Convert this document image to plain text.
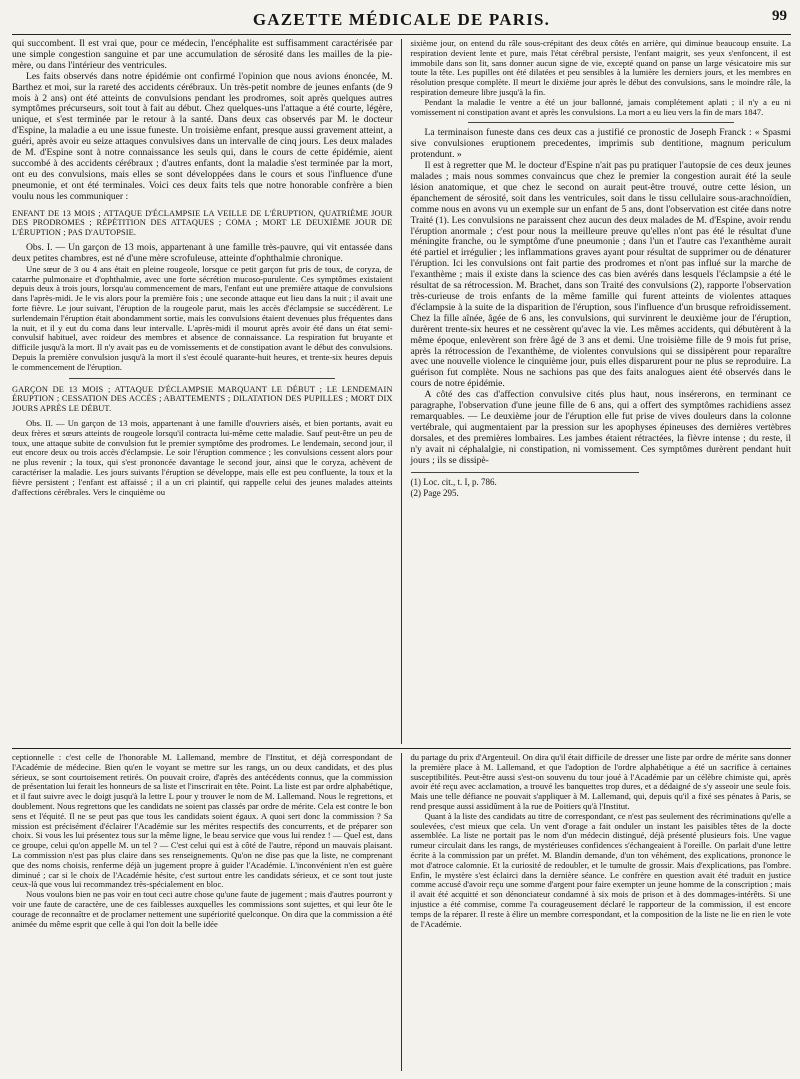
GAZETTE MÉDICALE DE PARIS.	99

qui succombent. Il est vrai que, pour ce médecin, l'encéphalite est suffisamment caractérisée par une simple congestion sanguine et par une accumulation de sérosité dans les mailles de la pie-mère, ou dans l'intérieur des ventricules.

Les faits observés dans notre épidémie ont confirmé l'opinion que nous avions énoncée, M. Barthez et moi, sur la rareté des accidents cérébraux. Un très-petit nombre de jeunes enfants (de 9 mois à 2 ans) ont été atteints de convulsions pendant les prodromes, soit après quelques autres symptômes précurseurs, soit tout à fait au début. Chez quelques-uns l'attaque a été courte, légère, unique, et s'est terminée par le retour à la santé. Dans deux cas observés par M. le docteur d'Espine, la maladie a eu une issue funeste. Un troisième enfant, presque aussi gravement atteint, a guéri, après avoir eu seize attaques convulsives dans un intervalle de cinq jours. Les deux malades de M. d'Espine sont à notre connaissance les seuls qui, dans le cours de cette épidémie, aient succombé à des accidents cérébraux ; d'autres enfants, dont la maladie s'est terminée par la mort, ont eu des convulsions, mais elles se sont développées dans le cours et sous l'influence d'une pneumonie, et ont été terminales. Voici ces deux faits tels que notre honorable confrère a bien voulu nous les communiquer :

ENFANT DE 13 MOIS ; ATTAQUE D'ÉCLAMPSIE LA VEILLE DE L'ÉRUPTION, QUATRIÈME JOUR DES PRODROMES ; RÉPÉTITION DES ATTAQUES ; COMA ; MORT LE DEUXIÈME JOUR DE L'ÉRUPTION ; PAS D'AUTOPSIE.

Obs. I. — Un garçon de 13 mois, appartenant à une famille très-pauvre, qui vit entassée dans deux petites chambres, est né d'une mère scrofuleuse, atteinte d'ophthalmie chronique.

Une sœur de 3 ou 4 ans était en pleine rougeole, lorsque ce petit garçon fut pris de toux, de coryza, de catarrhe pulmonaire et d'ophthalmie, avec une forte sécrétion mucoso-purulente. Ces symptômes existaient depuis deux à trois jours, lorsqu'au commencement de mars, l'enfant eut une première attaque de convulsions dans l'après-midi. Je le vis alors pour la première fois ; une seconde attaque eut lieu dans la nuit ; il avait une forte fièvre. Le jour suivant, l'éruption de la rougeole parut, mais les accès d'éclampsie se succédèrent. Le surlendemain l'éruption était abondamment sortie, mais les convulsions étaient devenues plus fréquentes dans la nuit, et il y eut du coma dans leur intervalle. L'après-midi il mourut après avoir été dans un état semi-convulsif habituel, avec roideur des membres et absence de connaissance. La respiration fut bruyante et difficile jusqu'à la mort. Il n'y avait pas eu de vomissements et de constipation avant le début des convulsions. Depuis la première convulsion jusqu'à la mort il s'est écoulé quarante-huit heures, et trente-six heures depuis le commencement de l'éruption.

GARÇON DE 13 MOIS ; ATTAQUE D'ÉCLAMPSIE MARQUANT LE DÉBUT ; LE LENDEMAIN ÉRUPTION ; CESSATION DES ACCÈS ; ABATTEMENTS ; DILATATION DES PUPILLES ; MORT DIX JOURS APRÈS LE DÉBUT.

Obs. II. — Un garçon de 13 mois, appartenant à une famille d'ouvriers aisés, et bien portants, avait eu deux frères et sœurs atteints de rougeole lorsqu'il contracta lui-même cette maladie. Sauf peut-être un peu de toux, une attaque subite de convulsion fut le premier symptôme des prodromes. Le lendemain, second jour, il eut encore deux ou trois accès d'éclampsie. Le soir l'éruption commence ; les convulsions cessent alors pour ne plus revenir ; la toux, qui s'est prononcée davantage le second jour, ainsi que le coryza, achèvent de caractériser la maladie. Les jours suivants l'éruption se développe, mais elle est peu confluente, la toux et la fièvre persistent ; l'enfant est affaissé ; il a un cri plaintif, qui rappelle celui des jeunes malades atteints d'affections cérébrales. Vers le cinquième ou

sixième jour, on entend du râle sous-crépitant des deux côtés en arrière, qui diminue beaucoup ensuite. La respiration devient lente et pure, mais l'état cérébral persiste, l'enfant maigrit, ses yeux s'enfoncent, il est immobile dans son lit, sans donner aucun signe de vie, excepté quand on panse un large vésicatoire mis sur toute la tête. Les pupilles ont été dilatées et peu sensibles à la lumière les derniers jours, et les membres en résolution presque complète. Il meurt le dixième jour après le début des convulsions, sans le moindre râle, la respiration demeure libre jusqu'à la fin.

Pendant la maladie le ventre a été un jour ballonné, jamais complétement aplati ; il n'y a eu ni vomissement ni constipation avant et après les convulsions. La mort a eu lieu vers la fin de mars 1847.

La terminaison funeste dans ces deux cas a justifié ce pronostic de Joseph Franck : « Spasmi sive convulsiones eruptionem precedentes, imprimis sub dentitione, magnum periculum protendunt. »

Il est à regretter que M. le docteur d'Espine n'ait pas pu pratiquer l'autopsie de ces deux jeunes malades ; mais nous sommes convaincus que chez le premier la congestion aurait été la seule lésion anatomique, et que chez le second on aurait peut-être trouvé, outre cette lésion, un épanchement de sérosité, soit dans les ventricules, soit dans le tissu cellulaire sous-arachnoïdien, comme nous en avons vu un exemple sur un enfant de 5 ans, dont l'observation est citée dans notre Traité (1). Les convulsions ne paraissent chez aucun des deux malades de M. d'Espine, avoir rendu l'éruption anormale ; c'est pour nous la meilleure preuve qu'elles n'ont pas été le résultat d'une méningite franche, ou le symptôme d'une pneumonie ; dans l'un et l'autre cas l'exanthème aurait été partiel et irrégulier ; les inflammations graves ayant pour résultat de supprimer ou de dénaturer l'éruption. Ici les convulsions ont fait partie des prodromes et n'ont pas influé sur la marche de l'exanthème ; mais il existe dans la science des cas bien avérés dans lesquels l'éclampsie a été le résultat de sa rétrocession. M. Brachet, dans son Traité des convulsions (2), rapporte l'observation très-curieuse de trois enfants de la même famille qui furent atteints de violentes attaques d'éclampsie à la suite de la disparition de l'éruption, sous l'influence d'un brusque refroidissement. Chez la fille aînée, âgée de 6 ans, les convulsions, qui survinrent le deuxième jour de l'éruption, durèrent trente-six heures et ne cessèrent qu'avec la vie. Les mêmes accidents, qui débutèrent à la même époque, enlevèrent son frère âgé de 3 ans et demi. Une troisième fille de 9 mois fut prise, après la rétrocession de l'exanthème, de violentes convulsions qui se dissipèrent pour reparaître avec une nouvelle violence le cinquième jour, puis elles disparurent pour ne plus se reproduire. La guérison fut complète. Nous ne sachions pas que des faits analogues aient été observés dans le cours de notre épidémie.

A côté des cas d'affection convulsive cités plus haut, nous insérerons, en terminant ce paragraphe, l'observation d'une jeune fille de 6 ans, qui a offert des symptômes rachidiens assez remarquables. — Le deuxième jour de l'éruption elle fut prise de vives douleurs dans la colonne vertébrale, qui augmentaient par la pression sur les apophyses épineuses des dernières vertèbres dorsales, et des premières lombaires. Les jambes étaient rétractées, la fièvre intense ; du reste, il n'y avait ni céphalalgie, ni constipation, ni vomissement. Ces symptômes durèrent pendant huit jours ; ils se dissipè-

(1) Loc. cit., t. I, p. 786.

(2) Page 295.

ceptionnelle : c'est celle de l'honorable M. Lallemand, membre de l'Institut, et déjà correspondant de l'Académie de médecine. Bien qu'en le voyant se mettre sur les rangs, un ou deux candidats, et des plus sérieux, se sont courtoisement retirés. On pouvait croire, d'après des antécédents connus, que la commission de présentation lui ferait les honneurs de sa liste et l'inscrirait en tête. Point. La liste est par ordre alphabétique, et il faut suivre avec le doigt jusqu'à la lettre L pour y trouver le nom de M. Lallemand. Nous le regrettons, et doublement. Nous regrettons que les candidats ne soient pas classés par ordre de mérite. Cela est contre le bon sens et l'équité. Il ne se peut pas que tous les candidats soient égaux. A quoi sert donc la commission ? Sa mission est précisément d'éclairer l'Académie sur les mérites respectifs des concurrents, et de préparer son choix. Si vous les lui présentez tous sur la même ligne, le beau service que vous lui rendez ! — Quel est, dans ce groupe, celui qu'on appelle M. un tel ? — C'est celui qui est à côté de l'autre, répond un mauvais plaisant. La commission n'est pas plus claire dans ses renseignements. Qu'on ne dise pas que la liste, ne comprenant que des noms choisis, renferme déjà un jugement propre à guider l'Académie. L'inconvénient n'en est guère diminué ; car si le choix de l'Académie hésite, c'est surtout entre les candidats sérieux, et ce sont tout juste ceux-là que vous lui recommandez très-spécialement en bloc.

Nous voulons bien ne pas voir en tout ceci autre chose qu'une faute de jugement ; mais d'autres pourront y voir une faute de caractère, une de ces faiblesses auxquelles les commissions sont sujettes, et qui leur ôte le courage de reconnaître et de proclamer nettement une supériorité quelconque. On dira que la commission a été animée du même esprit que celle à qui l'on doit la belle idée

du partage du prix d'Argenteuil. On dira qu'il était difficile de dresser une liste par ordre de mérite sans donner la première place à M. Lallemand, et que l'adoption de l'ordre alphabétique a été un sacrifice à certaines susceptibilités. Peut-être aussi s'est-on souvenu du tour joué à l'Académie par un célèbre chimiste qui, après avoir été reçu avec acclamation, a trouvé les banquettes trop dures, et a dédaigné de s'y asseoir une seule fois. Mais une telle défiance ne pouvait s'appliquer à M. Lallemand, qui, depuis qu'il a fixé ses pénates à Paris, se rend presque aussi assidûment à la rue de Poitiers qu'à l'Institut.

Quant à la liste des candidats au titre de correspondant, ce n'est pas seulement des récriminations qu'elle a soulevées, c'est mieux que cela. Un vent d'orage a fait onduler un instant les paisibles têtes de la docte assemblée. La liste ne portait pas le nom d'un médecin distingué, déjà présenté plusieurs fois. Une vague rumeur circulait dans les rangs, de mystérieuses confidences s'échangeaient à l'oreille. On parlait d'une lettre écrite à la commission par un préfet. M. Blandin demande, d'un ton véhément, des explications, prononce le mot d'atroce calomnie. Et la curiosité de redoubler, et le tumulte de grossir. Mais d'explications, pas l'ombre. Enfin, le mystère s'est éclairci dans la dernière séance. Le confrère en question avait été traduit en justice comme accusé d'avoir reçu une somme d'argent pour faire exempter un jeune homme de la conscription ; mais il avait été acquitté et son dénonciateur condamné à six mois de prison et à des dommages-intérêts. Si une injustice a été commise, comme l'a courageusement déclaré le rapporteur de la commission, il est encore temps de la réparer. Il reste à élire un membre correspondant, et la composition de la liste ne lie en rien le vote de l'Académie.
